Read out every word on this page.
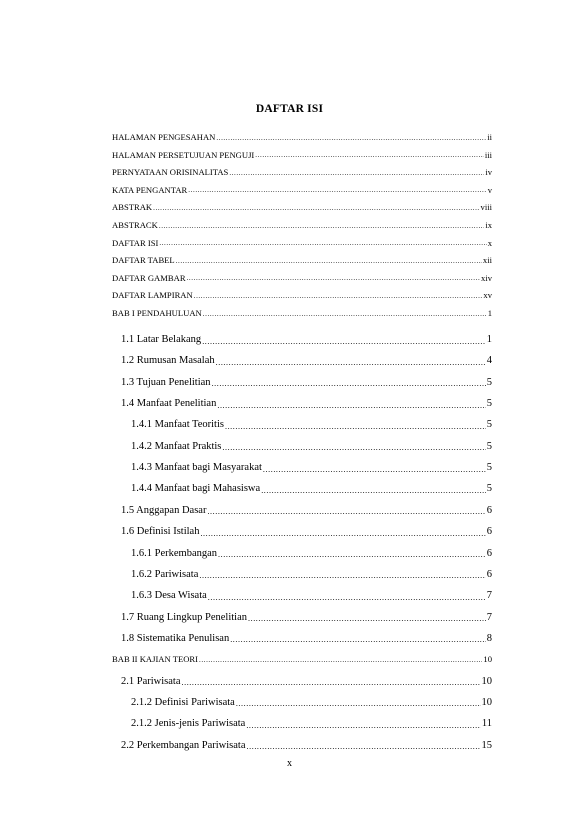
DAFTAR ISI
HALAMAN PENGESAHAN .....	ii
HALAMAN PERSETUJUAN PENGUJI .....	iii
PERNYATAAN ORISINALITAS .....	iv
KATA PENGANTAR .....	v
ABSTRAK .....	viii
ABSTRACK .....	ix
DAFTAR ISI .....	x
DAFTAR TABEL .....	xii
DAFTAR GAMBAR .....	xiv
DAFTAR LAMPIRAN .....	xv
BAB I PENDAHULUAN .....	1
1.1 Latar Belakang .....	1
1.2 Rumusan Masalah .....	4
1.3 Tujuan Penelitian .....	5
1.4 Manfaat Penelitian .....	5
1.4.1 Manfaat Teoritis .....	5
1.4.2 Manfaat Praktis .....	5
1.4.3 Manfaat bagi Masyarakat .....	5
1.4.4 Manfaat bagi Mahasiswa .....	5
1.5 Anggapan Dasar .....	6
1.6 Definisi Istilah .....	6
1.6.1 Perkembangan .....	6
1.6.2 Pariwisata .....	6
1.6.3 Desa Wisata .....	7
1.7 Ruang Lingkup Penelitian .....	7
1.8 Sistematika Penulisan .....	8
BAB II KAJIAN TEORI .....	10
2.1 Pariwisata .....	10
2.1.2 Definisi Pariwisata .....	10
2.1.2 Jenis-jenis Pariwisata .....	11
2.2 Perkembangan Pariwisata .....	15
x
